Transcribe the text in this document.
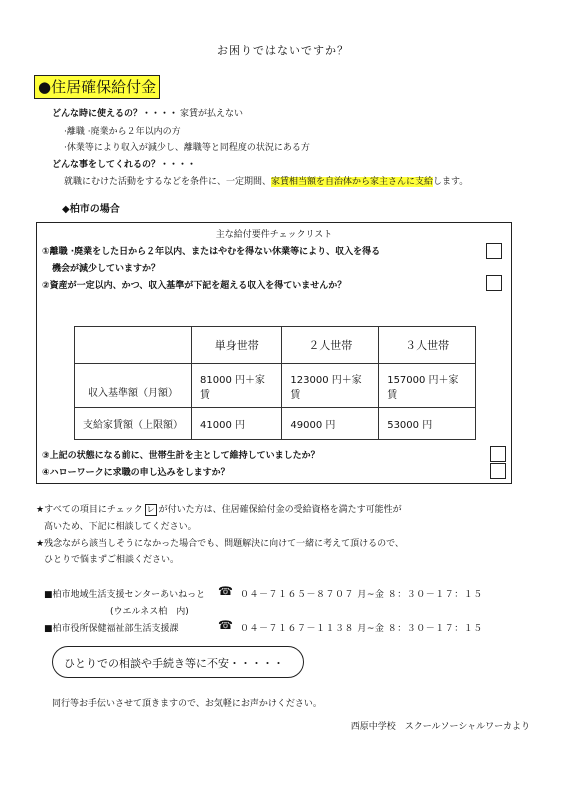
お困りではないですか？
●住居確保給付金
どんな時に使えるの？・・・・ 家賃が払えない
·離職 ·廃業から２年以内の方
·休業等により収入が減少し、離職等と同程度の状況にある方
どんな事をしてくれるの？・・・・
就職にむけた活動をするなどを条件に、一定期間、家賃相当額を自治体から家主さんに支給します。
◆柏市の場合
主な給付要件チェックリスト
①離職 ·廃業をした日から２年以内、またはやむを得ない休業等により、収入を得る
機会が減少していますか？
②資産が一定以内、かつ、収入基準が下記を超える収入を得ていませんか？
	単身世帯	２人世帯	３人世帯
収入基準額（月額）	81000 円＋家賃	123000 円＋家賃	157000 円＋家賃
支給家賃額（上限額）	41000 円	49000 円	53000 円
③上記の状態になる前に、世帯生計を主として維持していましたか？
④ハローワークに求職の申し込みをしますか？
★すべての項目にチェック レ が付いた方は、住居確保給付金の受給資格を満たす可能性が
高いため、下記に相談してください。
★残念ながら該当しそうになかった場合でも、問題解決に向けて一緒に考えて頂けるので、
ひとりで悩まずご相談ください。
■柏市地域生活支援センターあいねっと ☎ ０４－７１６５－８７０７ 月~金 ８：３０－１７：１５
(ウエルネス柏　内)
■柏市役所保健福祉部生活支援課	☎ ０４－７１６７－１１３８ 月~金 ８：３０－１７：１５
ひとりでの相談や手続き等に不安・・・・・
同行等お手伝いさせて頂きますので、お気軽にお声かけください。
西原中学校　スクールソーシャルワーカより
